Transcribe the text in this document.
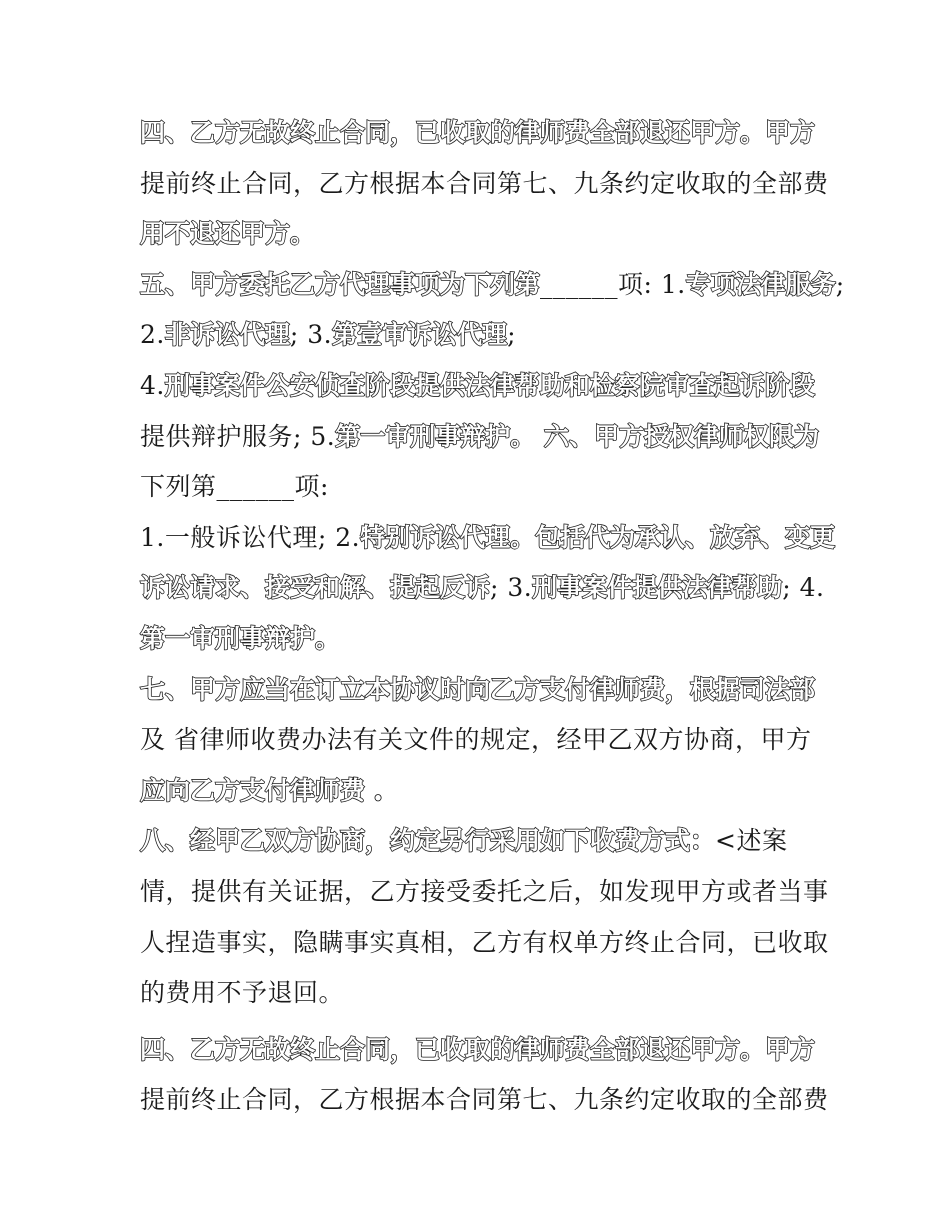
四、乙方无故终止合同，已收取的律师费全部退还甲方。甲方
提前终止合同，乙方根据本合同第七、九条约定收取的全部费
用不退还甲方。
五、甲方委托乙方代理事项为下列第______项: 1.专项法律服务;
2.非诉讼代理; 3.第壹审诉讼代理;
4.刑事案件公安侦查阶段提供法律帮助和检察院审查起诉阶段
提供辩护服务; 5.第一审刑事辩护。 六、甲方授权律师权限为
下列第______项:
1.一般诉讼代理; 2.特别诉讼代理。包括代为承认、放弃、变更
诉讼请求、接受和解、提起反诉; 3.刑事案件提供法律帮助; 4.
第一审刑事辩护。
七、甲方应当在订立本协议时向乙方支付律师费，根据司法部
及 省律师收费办法有关文件的规定，经甲乙双方协商，甲方
应向乙方支付律师费 。
八、经甲乙双方协商，约定另行采用如下收费方式：<述案
情，提供有关证据，乙方接受委托之后，如发现甲方或者当事
人捏造事实，隐瞒事实真相，乙方有权单方终止合同，已收取
的费用不予退回。
四、乙方无故终止合同，已收取的律师费全部退还甲方。甲方
提前终止合同，乙方根据本合同第七、九条约定收取的全部费
